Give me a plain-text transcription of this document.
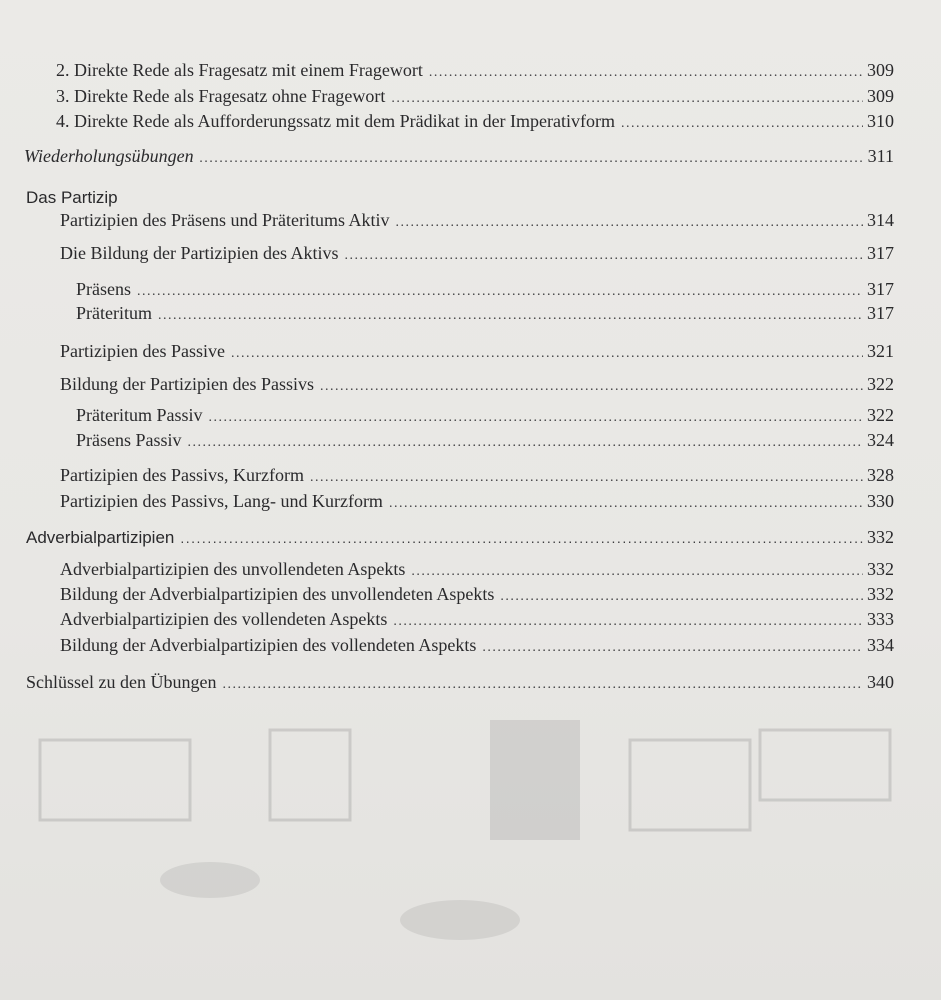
2. Direkte Rede als Fragesatz mit einem Fragewort .....	309
3. Direkte Rede als Fragesatz ohne Fragewort .....	309
4. Direkte Rede als Aufforderungssatz mit dem Prädikat in der Imperativform .....	310
Wiederholungsübungen .....	311
Das Partizip
Partizipien des Präsens und Präteritums Aktiv .....	314
Die Bildung der Partizipien des Aktivs .....	317
Präsens .....	317
Präteritum .....	317
Partizipien des Passive .....	321
Bildung der Partizipien des Passivs .....	322
Präteritum Passiv .....	322
Präsens Passiv .....	324
Partizipien des Passivs, Kurzform .....	328
Partizipien des Passivs, Lang- und Kurzform .....	330
Adverbialpartizipien .....	332
Adverbialpartizipien des unvollendeten Aspekts .....	332
Bildung der Adverbialpartizipien des unvollendeten Aspekts .....	332
Adverbialpartizipien des vollendeten Aspekts .....	333
Bildung der Adverbialpartizipien des vollendeten Aspekts .....	334
Schlüssel zu den Übungen .....	340
